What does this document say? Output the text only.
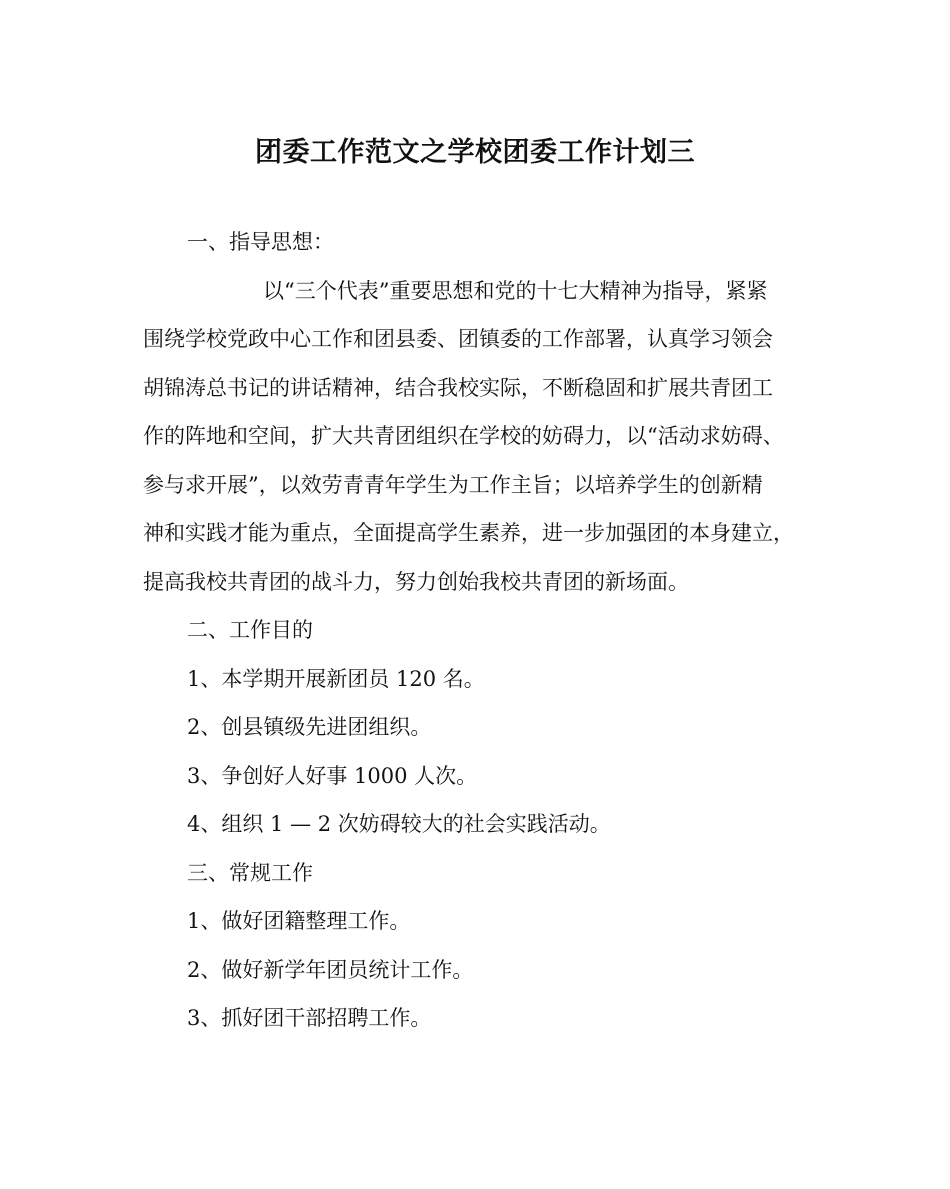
团委工作范文之学校团委工作计划三
一、指导思想：
以“三个代表”重要思想和党的十七大精神为指导，紧紧
围绕学校党政中心工作和团县委、团镇委的工作部署，认真学习领会
胡锦涛总书记的讲话精神，结合我校实际，不断稳固和扩展共青团工
作的阵地和空间，扩大共青团组织在学校的妨碍力，以“活动求妨碍、
参与求开展”，以效劳青青年学生为工作主旨；以培养学生的创新精
神和实践才能为重点，全面提高学生素养，进一步加强团的本身建立，
提高我校共青团的战斗力，努力创始我校共青团的新场面。
二、工作目的
1、本学期开展新团员 120 名。
2、创县镇级先进团组织。
3、争创好人好事 1000 人次。
4、组织 1 — 2 次妨碍较大的社会实践活动。
三、常规工作
1、做好团籍整理工作。
2、做好新学年团员统计工作。
3、抓好团干部招聘工作。
